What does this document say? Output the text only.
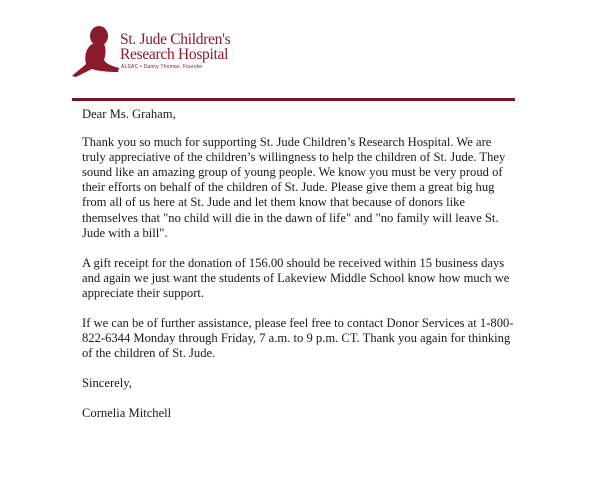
St. Jude Children's
Research Hospital

ALSAC • Danny Thomas, Founder

Dear Ms. Graham,

Thank you so much for supporting St. Jude Children’s Research Hospital. We are truly appreciative of the children’s willingness to help the children of St. Jude. They sound like an amazing group of young people. We know you must be very proud of their efforts on behalf of the children of St. Jude. Please give them a great big hug from all of us here at St. Jude and let them know that because of donors like themselves that "no child will die in the dawn of life" and "no family will leave St. Jude with a bill".

A gift receipt for the donation of 156.00 should be received within 15 business days and again we just want the students of Lakeview Middle School know how much we appreciate their support.

If we can be of further assistance, please feel free to contact Donor Services at 1-800-822-6344 Monday through Friday, 7 a.m. to 9 p.m. CT. Thank you again for thinking of the children of St. Jude.

Sincerely,

Cornelia Mitchell
